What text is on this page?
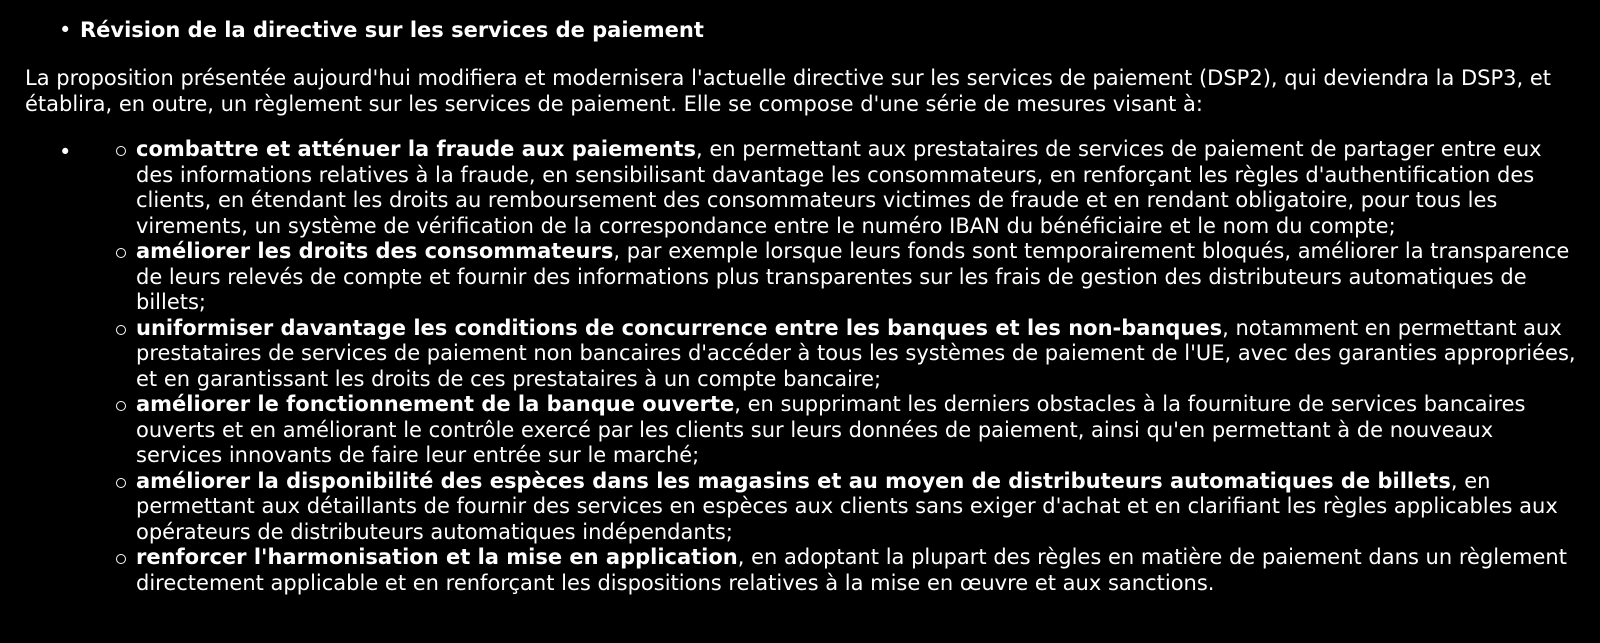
• Révision de la directive sur les services de paiement

La proposition présentée aujourd'hui modifiera et modernisera l'actuelle directive sur les services de paiement (DSP2), qui deviendra la DSP3, et établira, en outre, un règlement sur les services de paiement. Elle se compose d'une série de mesures visant à:

•	combattre et atténuer la fraude aux paiements, en permettant aux prestataires de services de paiement de partager entre eux des informations relatives à la fraude, en sensibilisant davantage les consommateurs, en renforçant les règles d'authentification des clients, en étendant les droits au remboursement des consommateurs victimes de fraude et en rendant obligatoire, pour tous les virements, un système de vérification de la correspondance entre le numéro IBAN du bénéficiaire et le nom du compte;
améliorer les droits des consommateurs, par exemple lorsque leurs fonds sont temporairement bloqués, améliorer la transparence de leurs relevés de compte et fournir des informations plus transparentes sur les frais de gestion des distributeurs automatiques de billets;
uniformiser davantage les conditions de concurrence entre les banques et les non-banques, notamment en permettant aux prestataires de services de paiement non bancaires d'accéder à tous les systèmes de paiement de l'UE, avec des garanties appropriées, et en garantissant les droits de ces prestataires à un compte bancaire;
améliorer le fonctionnement de la banque ouverte, en supprimant les derniers obstacles à la fourniture de services bancaires ouverts et en améliorant le contrôle exercé par les clients sur leurs données de paiement, ainsi qu'en permettant à de nouveaux services innovants de faire leur entrée sur le marché;
améliorer la disponibilité des espèces dans les magasins et au moyen de distributeurs automatiques de billets, en permettant aux détaillants de fournir des services en espèces aux clients sans exiger d'achat et en clarifiant les règles applicables aux opérateurs de distributeurs automatiques indépendants;
renforcer l'harmonisation et la mise en application, en adoptant la plupart des règles en matière de paiement dans un règlement directement applicable et en renforçant les dispositions relatives à la mise en œuvre et aux sanctions.
